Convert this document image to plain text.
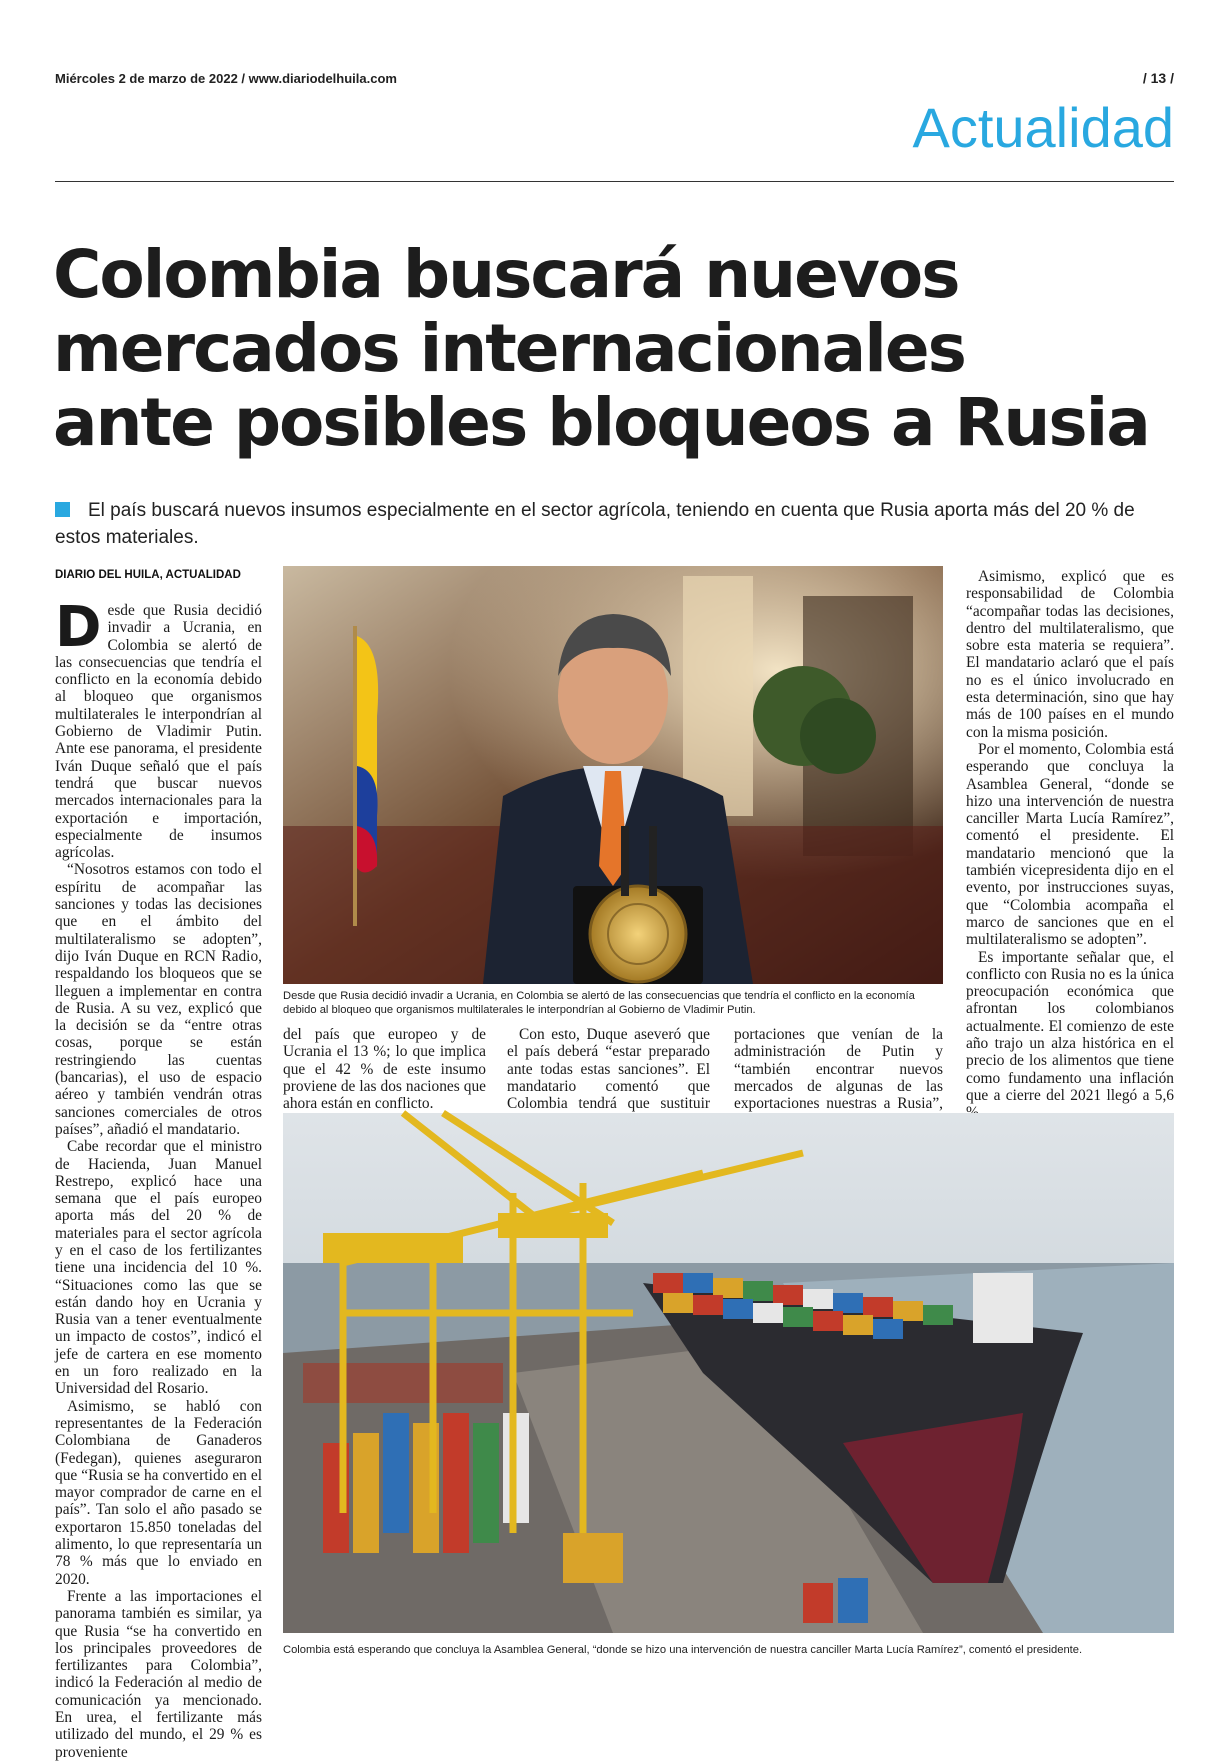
Miércoles 2 de marzo de 2022 / www.diariodelhuila.com	/ 13 /
Actualidad
Colombia buscará nuevos
mercados internacionales
ante posibles bloqueos a Rusia
El país buscará nuevos insumos especialmente en el sector agrícola, teniendo en cuenta que Rusia aporta más del 20 % de estos materiales.
DIARIO DEL HUILA, ACTUALIDAD

Desde que Rusia decidió invadir a Ucrania, en Colombia se alertó de las consecuencias que tendría el conflicto en la economía debido al bloqueo que organismos multilaterales le interpondrían al Gobierno de Vladimir Putin. Ante ese panorama, el presidente Iván Duque señaló que el país tendrá que buscar nuevos mercados internacionales para la exportación e importación, especialmente de insumos agrícolas.

“Nosotros estamos con todo el espíritu de acompañar las sanciones y todas las decisiones que en el ámbito del multilateralismo se adopten”, dijo Iván Duque en RCN Radio, respaldando los bloqueos que se lleguen a implementar en contra de Rusia. A su vez, explicó que la decisión se da “entre otras cosas, porque se están restringiendo las cuentas (bancarias), el uso de espacio aéreo y también vendrán otras sanciones comerciales de otros países”, añadió el mandatario.

Cabe recordar que el ministro de Hacienda, Juan Manuel Restrepo, explicó hace una semana que el país europeo aporta más del 20 % de materiales para el sector agrícola y en el caso de los fertilizantes tiene una incidencia del 10 %. “Situaciones como las que se están dando hoy en Ucrania y Rusia van a tener eventualmente un impacto de costos”, indicó el jefe de cartera en ese momento en un foro realizado en la Universidad del Rosario.

Asimismo, se habló con representantes de la Federación Colombiana de Ganaderos (Fedegan), quienes aseguraron que “Rusia se ha convertido en el mayor comprador de carne en el país”. Tan solo el año pasado se exportaron 15.850 toneladas del alimento, lo que representaría un 78 % más que lo enviado en 2020.

Frente a las importaciones el panorama también es similar, ya que Rusia “se ha convertido en los principales proveedores de fertilizantes para Colombia”, indicó la Federación al medio de comunicación ya mencionado. En urea, el fertilizante más utilizado del mundo, el 29 % es proveniente

Desde que Rusia decidió invadir a Ucrania, en Colombia se alertó de las consecuencias que tendría el conflicto en la economía debido al bloqueo que organismos multilaterales le interpondrían al Gobierno de Vladimir Putin.

del país que europeo y de Ucrania el 13 %; lo que implica que el 42 % de este insumo proviene de las dos naciones que ahora están en conflicto.

Con esto, Duque aseveró que el país deberá “estar preparado ante todas estas sanciones”. El mandatario comentó que Colombia tendrá que sustituir

portaciones que venían de la administración de Putin y “también encontrar nuevos mercados de algunas de las exportaciones nuestras a Rusia”,

Asimismo, explicó que es responsabilidad de Colombia “acompañar todas las decisiones, dentro del multilateralismo, que sobre esta materia se requiera”. El mandatario aclaró que el país no es el único involucrado en esta determinación, sino que hay más de 100 países en el mundo con la misma posición.

Por el momento, Colombia está esperando que concluya la Asamblea General, “donde se hizo una intervención de nuestra canciller Marta Lucía Ramírez”, comentó el presidente. El mandatario mencionó que la también vicepresidenta dijo en el evento, por instrucciones suyas, que “Colombia acompaña el marco de sanciones que en el multilateralismo se adopten”.

Es importante señalar que, el conflicto con Rusia no es la única preocupación económica que afrontan los colombianos actualmente. El comienzo de este año trajo un alza histórica en el precio de los alimentos que tiene como fundamento una inflación que a cierre del 2021 llegó a 5,6

Colombia está esperando que concluya la Asamblea General, “donde se hizo una intervención de nuestra canciller Marta Lucía Ramírez”, comentó el presidente.
